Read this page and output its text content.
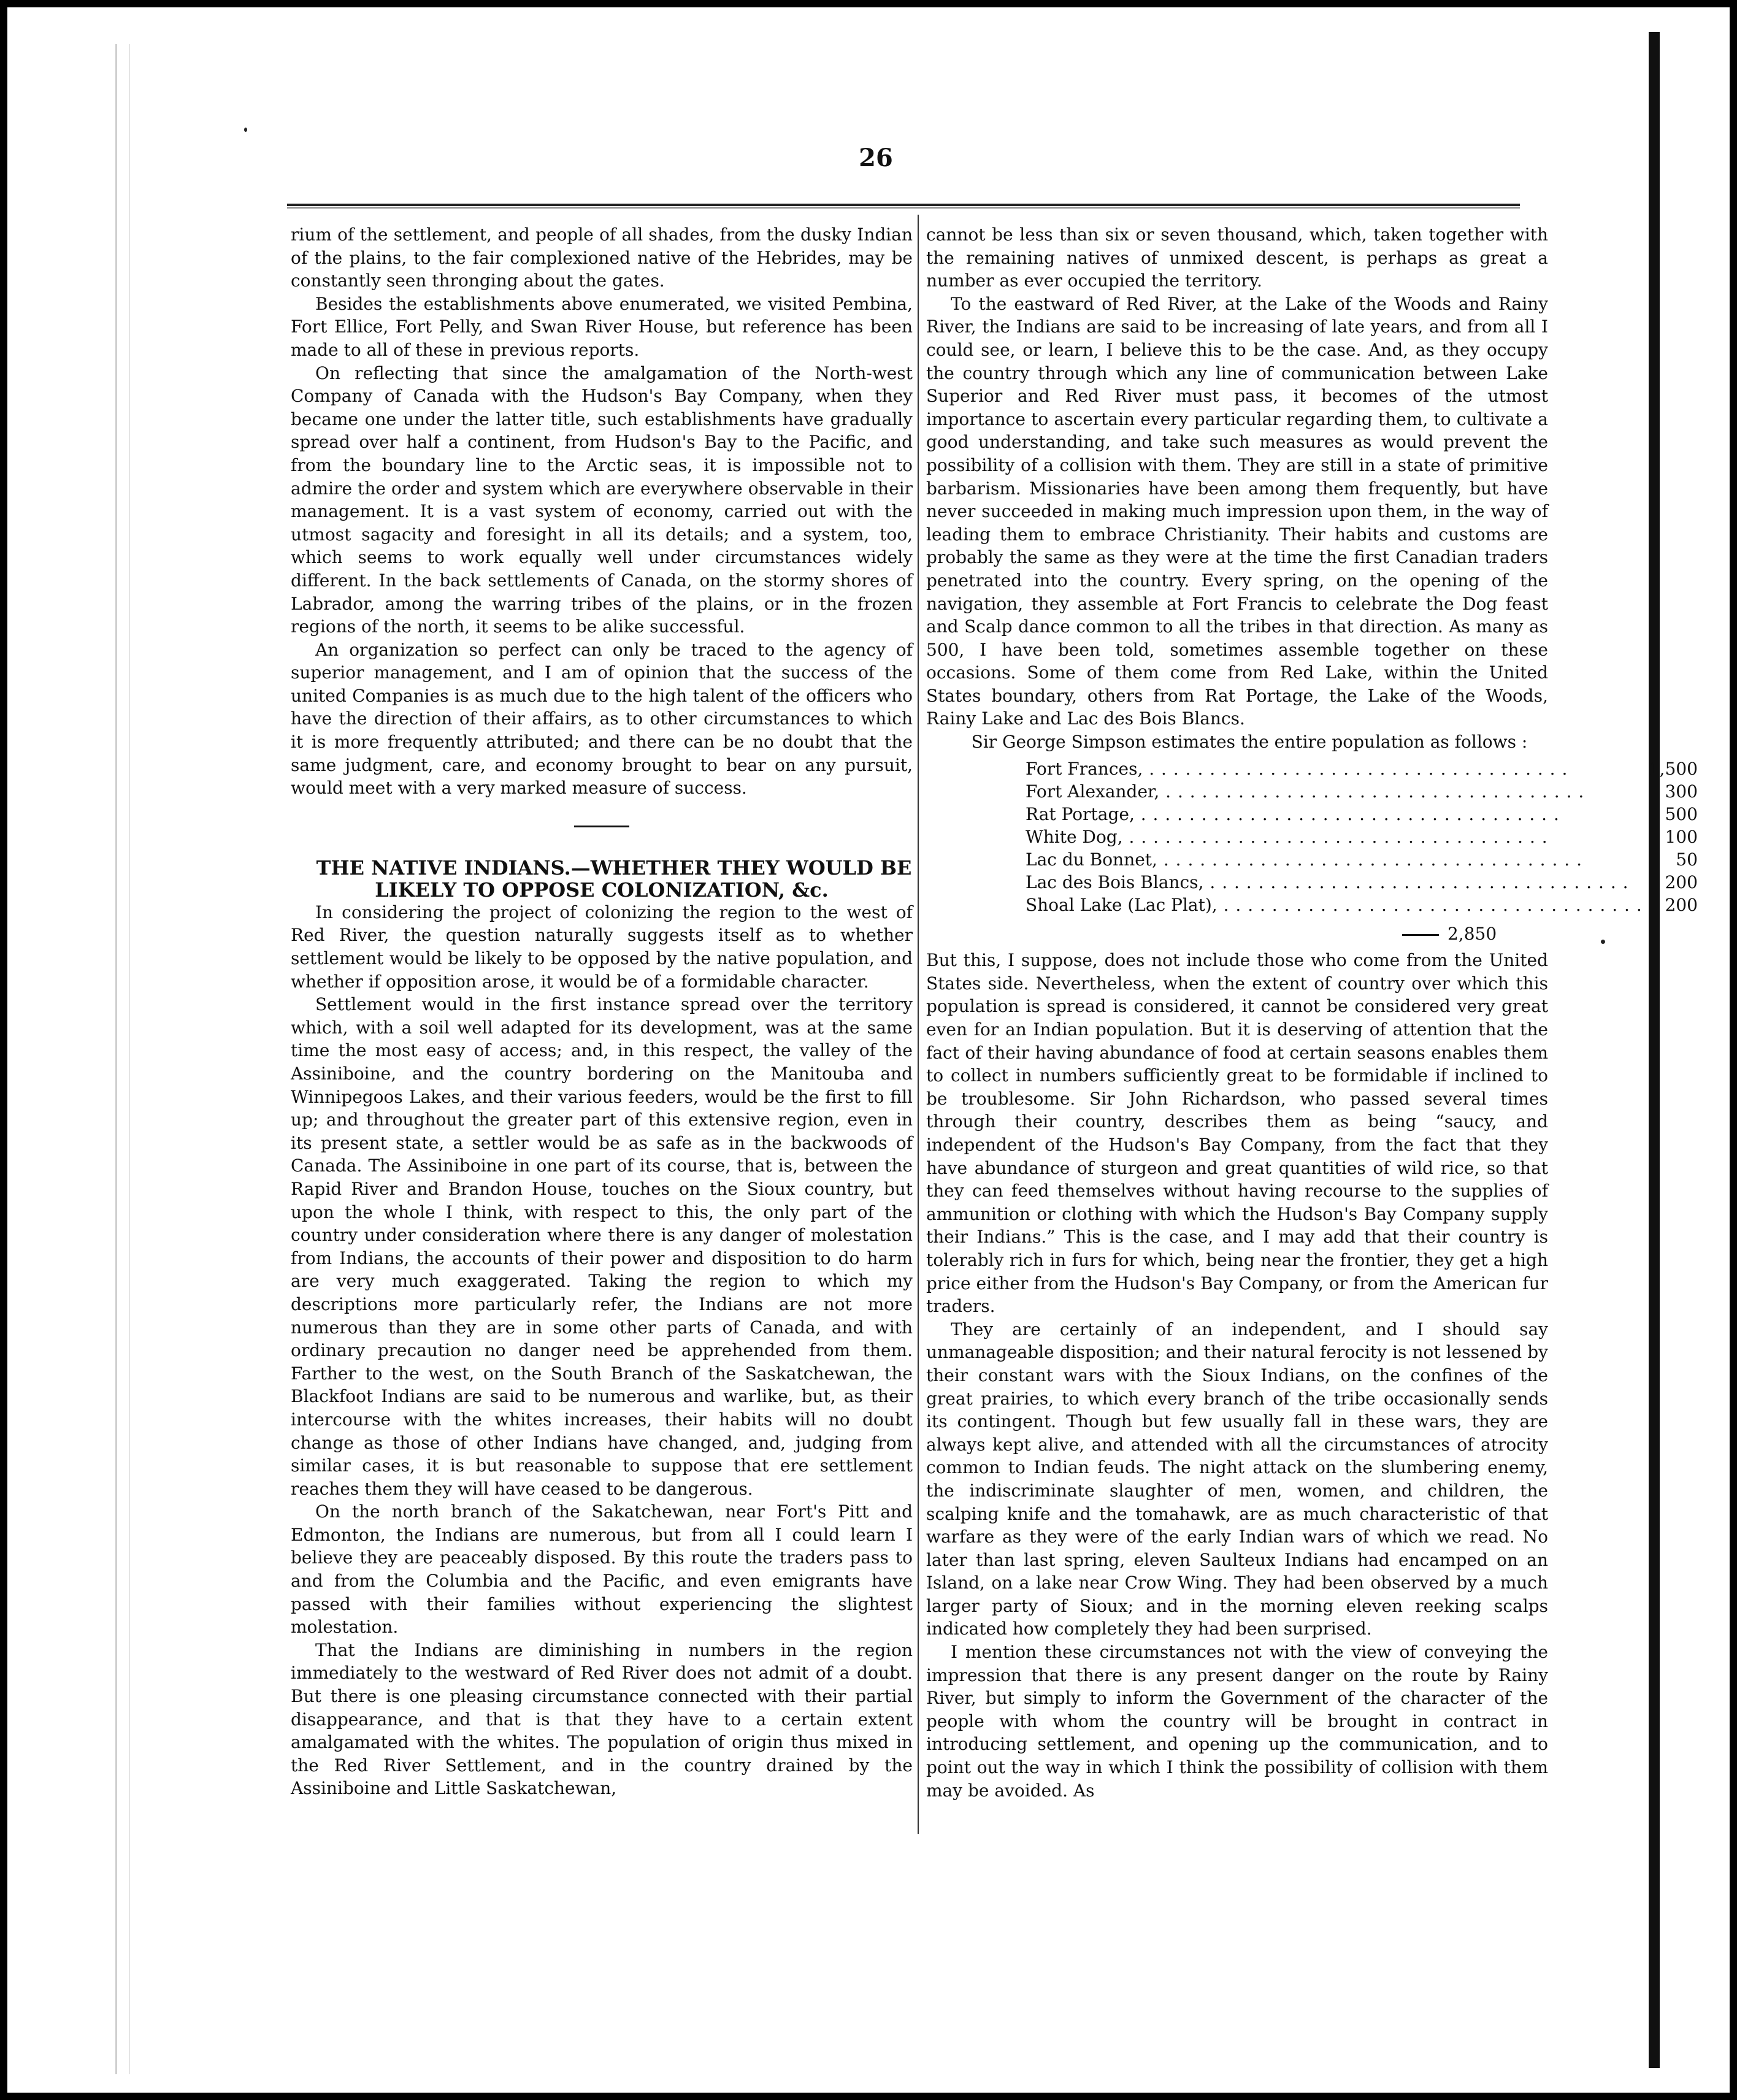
26

rium of the settlement, and people of all shades, from the dusky Indian of the plains, to the fair complexioned native of the Hebrides, may be constantly seen thronging about the gates.

Besides the establishments above enumerated, we visited Pembina, Fort Ellice, Fort Pelly, and Swan River House, but reference has been made to all of these in previous reports.

On reflecting that since the amalgamation of the North-west Company of Canada with the Hudson's Bay Company, when they became one under the latter title, such establishments have gradually spread over half a continent, from Hudson's Bay to the Pacific, and from the boundary line to the Arctic seas, it is impossible not to admire the order and system which are everywhere observable in their management. It is a vast system of economy, carried out with the utmost sagacity and foresight in all its details; and a system, too, which seems to work equally well under circumstances widely different. In the back settlements of Canada, on the stormy shores of Labrador, among the warring tribes of the plains, or in the frozen regions of the north, it seems to be alike successful.

An organization so perfect can only be traced to the agency of superior management, and I am of opinion that the success of the united Companies is as much due to the high talent of the officers who have the direction of their affairs, as to other circumstances to which it is more frequently attributed; and there can be no doubt that the same judgment, care, and economy brought to bear on any pursuit, would meet with a very marked measure of success.

THE NATIVE INDIANS.—WHETHER THEY WOULD BE LIKELY TO OPPOSE COLONIZATION, &c.

In considering the project of colonizing the region to the west of Red River, the question naturally suggests itself as to whether settlement would be likely to be opposed by the native population, and whether if opposition arose, it would be of a formidable character.

Settlement would in the first instance spread over the territory which, with a soil well adapted for its development, was at the same time the most easy of access; and, in this respect, the valley of the Assiniboine, and the country bordering on the Manitouba and Winnipegoos Lakes, and their various feeders, would be the first to fill up; and throughout the greater part of this extensive region, even in its present state, a settler would be as safe as in the backwoods of Canada. The Assiniboine in one part of its course, that is, between the Rapid River and Brandon House, touches on the Sioux country, but upon the whole I think, with respect to this, the only part of the country under consideration where there is any danger of molestation from Indians, the accounts of their power and disposition to do harm are very much exaggerated. Taking the region to which my descriptions more particularly refer, the Indians are not more numerous than they are in some other parts of Canada, and with ordinary precaution no danger need be apprehended from them. Farther to the west, on the South Branch of the Saskatchewan, the Blackfoot Indians are said to be numerous and warlike, but, as their intercourse with the whites increases, their habits will no doubt change as those of other Indians have changed, and, judging from similar cases, it is but reasonable to suppose that ere settlement reaches them they will have ceased to be dangerous.

On the north branch of the Sakatchewan, near Fort's Pitt and Edmonton, the Indians are numerous, but from all I could learn I believe they are peaceably disposed. By this route the traders pass to and from the Columbia and the Pacific, and even emigrants have passed with their families without experiencing the slightest molestation.

That the Indians are diminishing in numbers in the region immediately to the westward of Red River does not admit of a doubt. But there is one pleasing circumstance connected with their partial disappearance, and that is that they have to a certain extent amalgamated with the whites. The population of origin thus mixed in the Red River Settlement, and in the country drained by the Assiniboine and Little Saskatchewan,

cannot be less than six or seven thousand, which, taken together with the remaining natives of unmixed descent, is perhaps as great a number as ever occupied the territory.

To the eastward of Red River, at the Lake of the Woods and Rainy River, the Indians are said to be increasing of late years, and from all I could see, or learn, I believe this to be the case. And, as they occupy the country through which any line of communication between Lake Superior and Red River must pass, it becomes of the utmost importance to ascertain every particular regarding them, to cultivate a good understanding, and take such measures as would prevent the possibility of a collision with them. They are still in a state of primitive barbarism. Missionaries have been among them frequently, but have never succeeded in making much impression upon them, in the way of leading them to embrace Christianity. Their habits and customs are probably the same as they were at the time the first Canadian traders penetrated into the country. Every spring, on the opening of the navigation, they assemble at Fort Francis to celebrate the Dog feast and Scalp dance common to all the tribes in that direction. As many as 500, I have been told, sometimes assemble together on these occasions. Some of them come from Red Lake, within the United States boundary, others from Rat Portage, the Lake of the Woods, Rainy Lake and Lac des Bois Blancs.

Sir George Simpson estimates the entire population as follows :

Fort Frances, . . .	1,500
Fort Alexander, . . .	300
Rat Portage, . . .	500
White Dog, . . .	100
Lac du Bonnet, . . .	50
Lac des Bois Blancs, . . .	200
Shoal Lake (Lac Plat), . . .	200
2,850

But this, I suppose, does not include those who come from the United States side. Nevertheless, when the extent of country over which this population is spread is considered, it cannot be considered very great even for an Indian population. But it is deserving of attention that the fact of their having abundance of food at certain seasons enables them to collect in numbers sufficiently great to be formidable if inclined to be troublesome. Sir John Richardson, who passed several times through their country, describes them as being “saucy, and independent of the Hudson's Bay Company, from the fact that they have abundance of sturgeon and great quantities of wild rice, so that they can feed themselves without having recourse to the supplies of ammunition or clothing with which the Hudson's Bay Company supply their Indians.” This is the case, and I may add that their country is tolerably rich in furs for which, being near the frontier, they get a high price either from the Hudson's Bay Company, or from the American fur traders.

They are certainly of an independent, and I should say unmanageable disposition; and their natural ferocity is not lessened by their constant wars with the Sioux Indians, on the confines of the great prairies, to which every branch of the tribe occasionally sends its contingent. Though but few usually fall in these wars, they are always kept alive, and attended with all the circumstances of atrocity common to Indian feuds. The night attack on the slumbering enemy, the indiscriminate slaughter of men, women, and children, the scalping knife and the tomahawk, are as much characteristic of that warfare as they were of the early Indian wars of which we read. No later than last spring, eleven Saulteux Indians had encamped on an Island, on a lake near Crow Wing. They had been observed by a much larger party of Sioux; and in the morning eleven reeking scalps indicated how completely they had been surprised.

I mention these circumstances not with the view of conveying the impression that there is any present danger on the route by Rainy River, but simply to inform the Government of the character of the people with whom the country will be brought in contract in introducing settlement, and opening up the communication, and to point out the way in which I think the possibility of collision with them may be avoided. As
